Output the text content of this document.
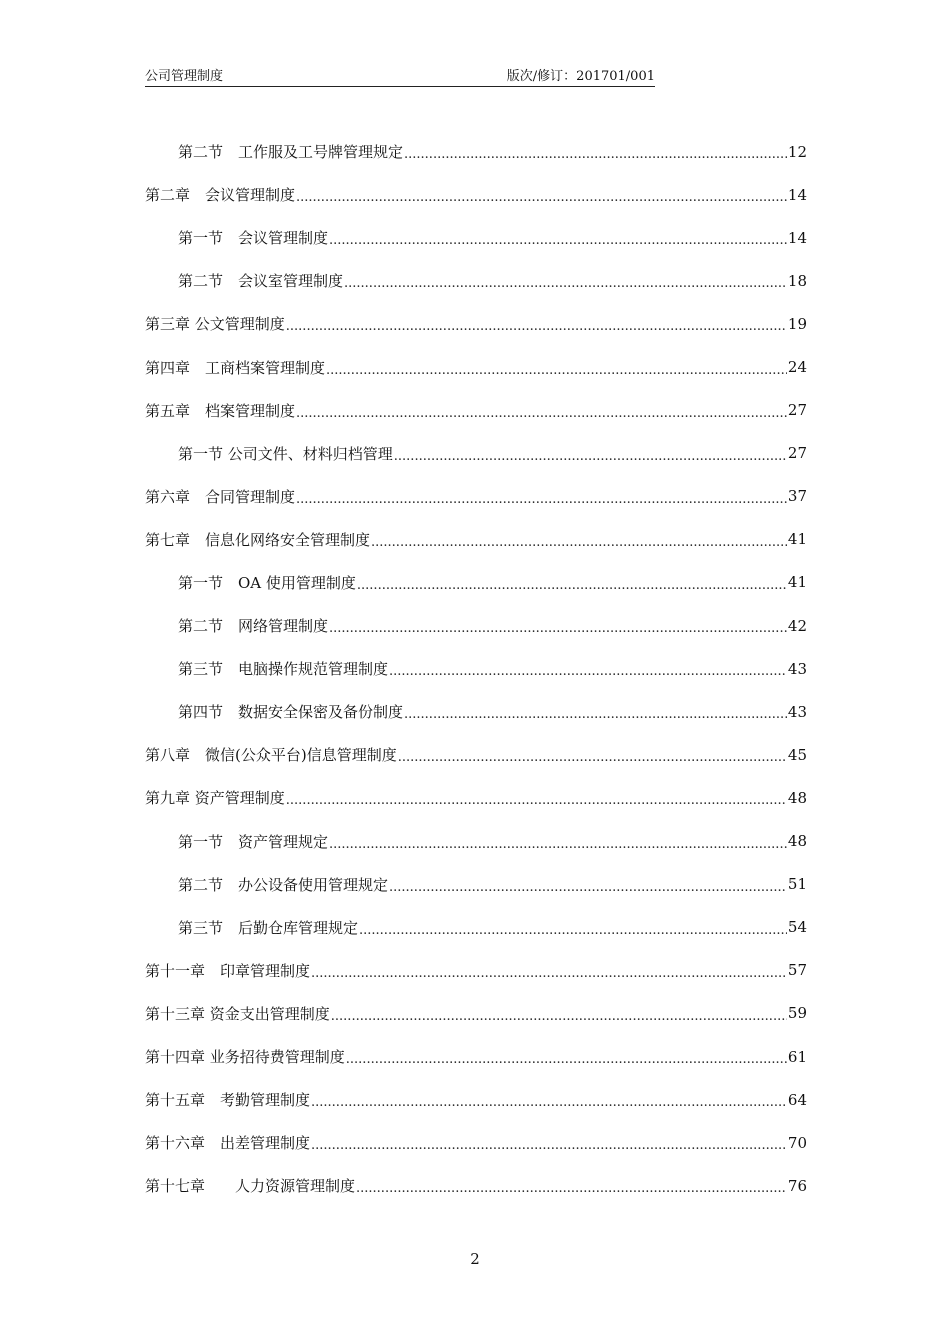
公司管理制度	版次/修订：201701/001
第二节　工作服及工号牌管理规定 .....	12
第二章　会议管理制度 .....	14
第一节　会议管理制度 .....	14
第二节　会议室管理制度 .....	18
第三章 公文管理制度 .....	19
第四章　工商档案管理制度 .....	24
第五章　档案管理制度 .....	27
第一节 公司文件、材料归档管理 .....	27
第六章　合同管理制度 .....	37
第七章　信息化网络安全管理制度 .....	41
第一节　OA 使用管理制度 .....	41
第二节　网络管理制度 .....	42
第三节　电脑操作规范管理制度 .....	43
第四节　数据安全保密及备份制度 .....	43
第八章　微信(公众平台)信息管理制度 .....	45
第九章 资产管理制度 .....	48
第一节　资产管理规定 .....	48
第二节　办公设备使用管理规定 .....	51
第三节　后勤仓库管理规定 .....	54
第十一章　印章管理制度 .....	57
第十三章 资金支出管理制度 .....	59
第十四章 业务招待费管理制度 .....	61
第十五章　考勤管理制度 .....	64
第十六章　出差管理制度 .....	70
第十七章　　人力资源管理制度 .....	76
2
